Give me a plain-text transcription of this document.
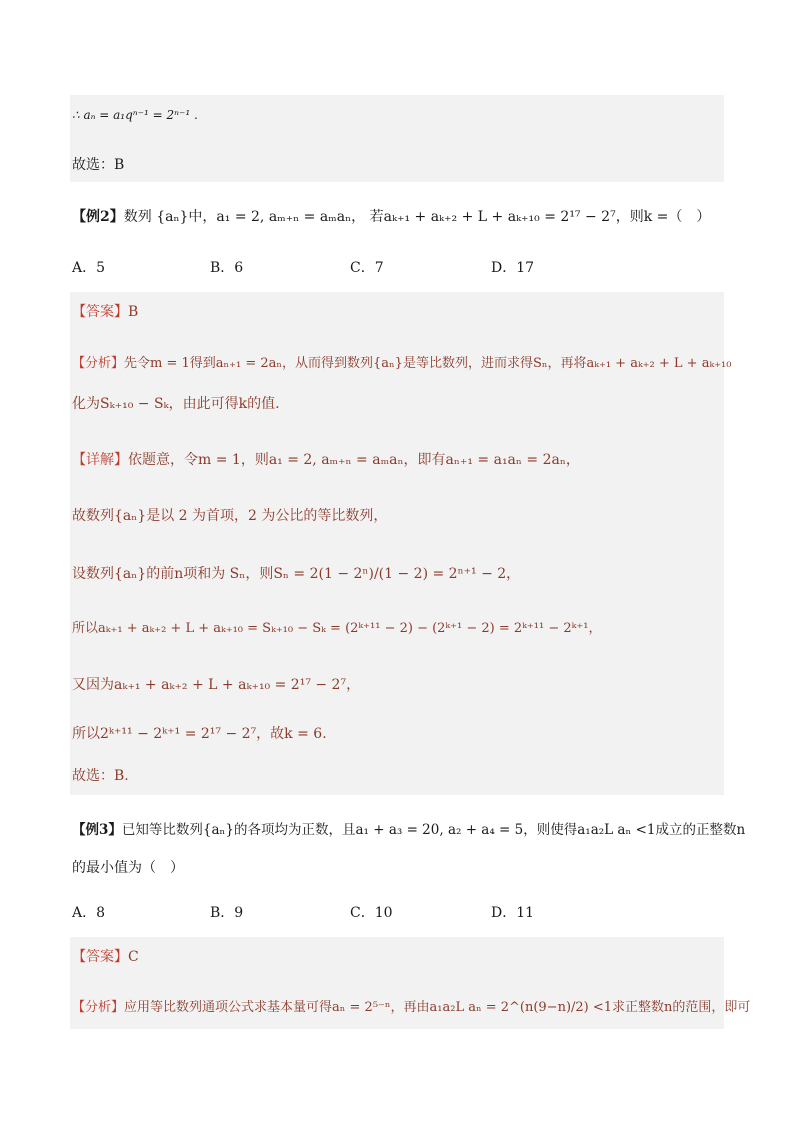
∴ aₙ = a₁qⁿ⁻¹ = 2ⁿ⁻¹ .
故选：B
【例2】数列 {aₙ}中，a₁ = 2, aₘ₊ₙ = aₘaₙ， 若aₖ₊₁ + aₖ₊₂ + L + aₖ₊₁₀ = 2¹⁷ − 2⁷，则k =（　）
A．5	B．6	C．7	D．17
【答案】B
【分析】先令m = 1得到aₙ₊₁ = 2aₙ，从而得到数列{aₙ}是等比数列，进而求得Sₙ，再将aₖ₊₁ + aₖ₊₂ + L + aₖ₊₁₀
化为Sₖ₊₁₀ − Sₖ，由此可得k的值.
【详解】依题意，令m = 1，则a₁ = 2, aₘ₊ₙ = aₘaₙ，即有aₙ₊₁ = a₁aₙ = 2aₙ，
故数列{aₙ}是以 2 为首项，2 为公比的等比数列，
设数列{aₙ}的前n项和为 Sₙ，则Sₙ = 2(1 − 2ⁿ)/(1 − 2) = 2ⁿ⁺¹ − 2，
所以aₖ₊₁ + aₖ₊₂ + L + aₖ₊₁₀ = Sₖ₊₁₀ − Sₖ = (2ᵏ⁺¹¹ − 2) − (2ᵏ⁺¹ − 2) = 2ᵏ⁺¹¹ − 2ᵏ⁺¹，
又因为aₖ₊₁ + aₖ₊₂ + L + aₖ₊₁₀ = 2¹⁷ − 2⁷，
所以2ᵏ⁺¹¹ − 2ᵏ⁺¹ = 2¹⁷ − 2⁷，故k = 6.
故选：B.
【例3】已知等比数列{aₙ}的各项均为正数，且a₁ + a₃ = 20, a₂ + a₄ = 5，则使得a₁a₂L aₙ <1成立的正整数n
的最小值为（　）
A．8	B．9	C．10	D．11
【答案】C
【分析】应用等比数列通项公式求基本量可得aₙ = 2⁵⁻ⁿ，再由a₁a₂L aₙ = 2^(n(9−n)/2) <1求正整数n的范围，即可
